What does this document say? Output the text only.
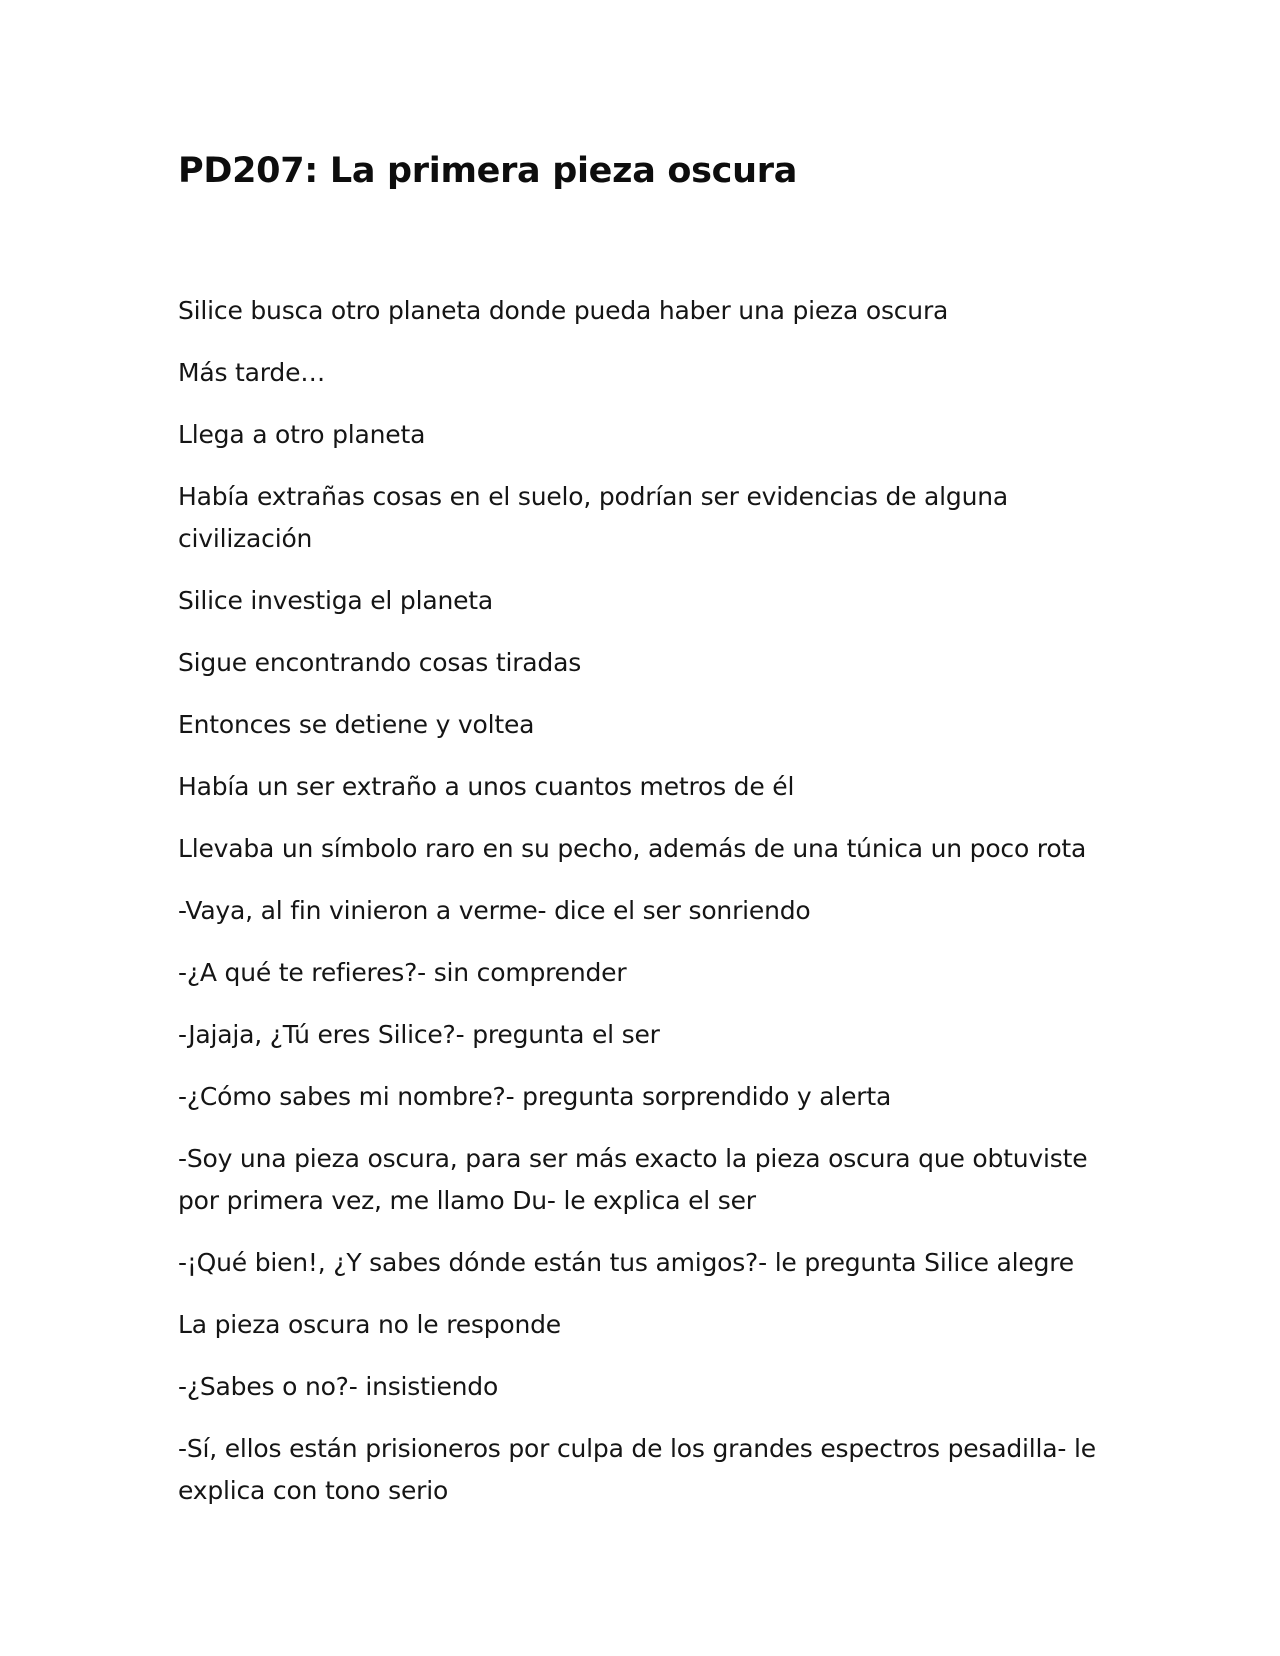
PD207: La primera pieza oscura

Silice busca otro planeta donde pueda haber una pieza oscura

Más tarde…

Llega a otro planeta

Había extrañas cosas en el suelo, podrían ser evidencias de alguna civilización

Silice investiga el planeta

Sigue encontrando cosas tiradas

Entonces se detiene y voltea

Había un ser extraño a unos cuantos metros de él

Llevaba un símbolo raro en su pecho, además de una túnica un poco rota

-Vaya, al fin vinieron a verme- dice el ser sonriendo

-¿A qué te refieres?- sin comprender

-Jajaja, ¿Tú eres Silice?- pregunta el ser

-¿Cómo sabes mi nombre?- pregunta sorprendido y alerta

-Soy una pieza oscura, para ser más exacto la pieza oscura que obtuviste por primera vez, me llamo Du- le explica el ser

-¡Qué bien!, ¿Y sabes dónde están tus amigos?- le pregunta Silice alegre

La pieza oscura no le responde

-¿Sabes o no?- insistiendo

-Sí, ellos están prisioneros por culpa de los grandes espectros pesadilla- le explica con tono serio
